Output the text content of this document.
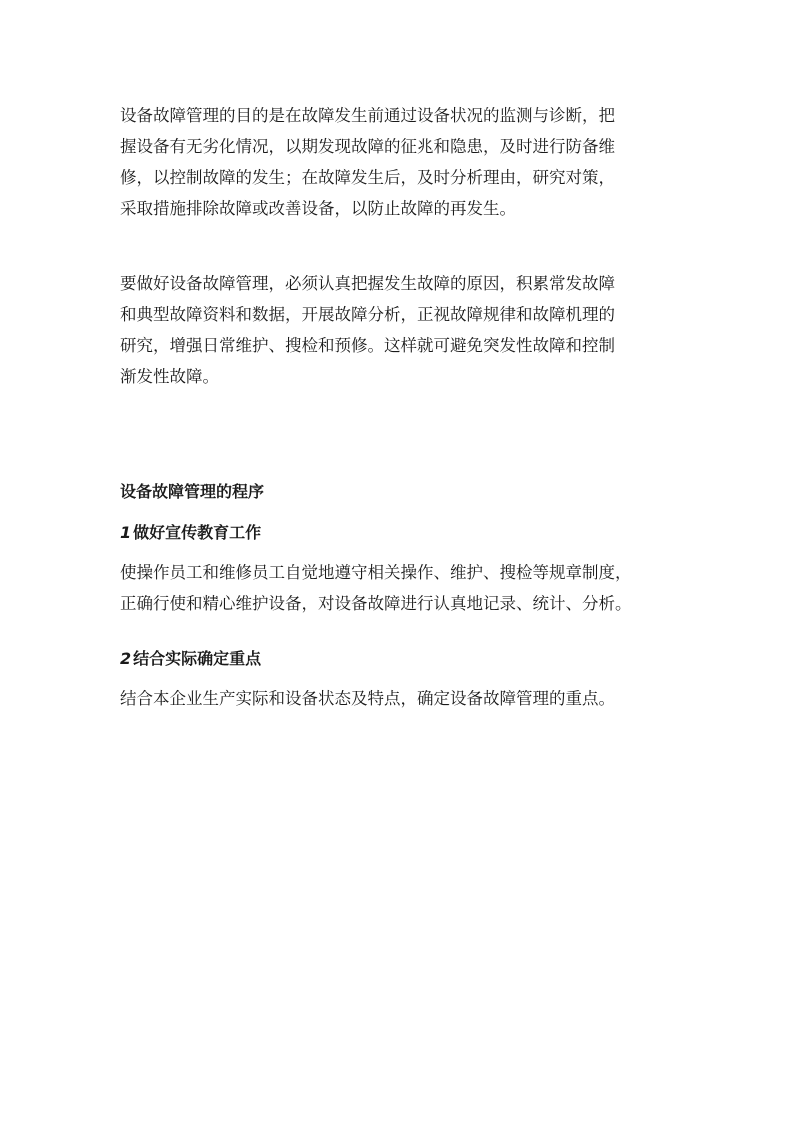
设备故障管理的目的是在故障发生前通过设备状况的监测与诊断，把
握设备有无劣化情况，以期发现故障的征兆和隐患，及时进行防备维
修，以控制故障的发生；在故障发生后，及时分析理由，研究对策，
采取措施排除故障或改善设备，以防止故障的再发生。

要做好设备故障管理，必须认真把握发生故障的原因，积累常发故障
和典型故障资料和数据，开展故障分析，正视故障规律和故障机理的
研究，增强日常维护、搜检和预修。这样就可避免突发性故障和控制
渐发性故障。

设备故障管理的程序
1 做好宣传教育工作

使操作员工和维修员工自觉地遵守相关操作、维护、搜检等规章制度，
正确行使和精心维护设备，对设备故障进行认真地记录、统计、分析。

2 结合实际确定重点

结合本企业生产实际和设备状态及特点，确定设备故障管理的重点。
